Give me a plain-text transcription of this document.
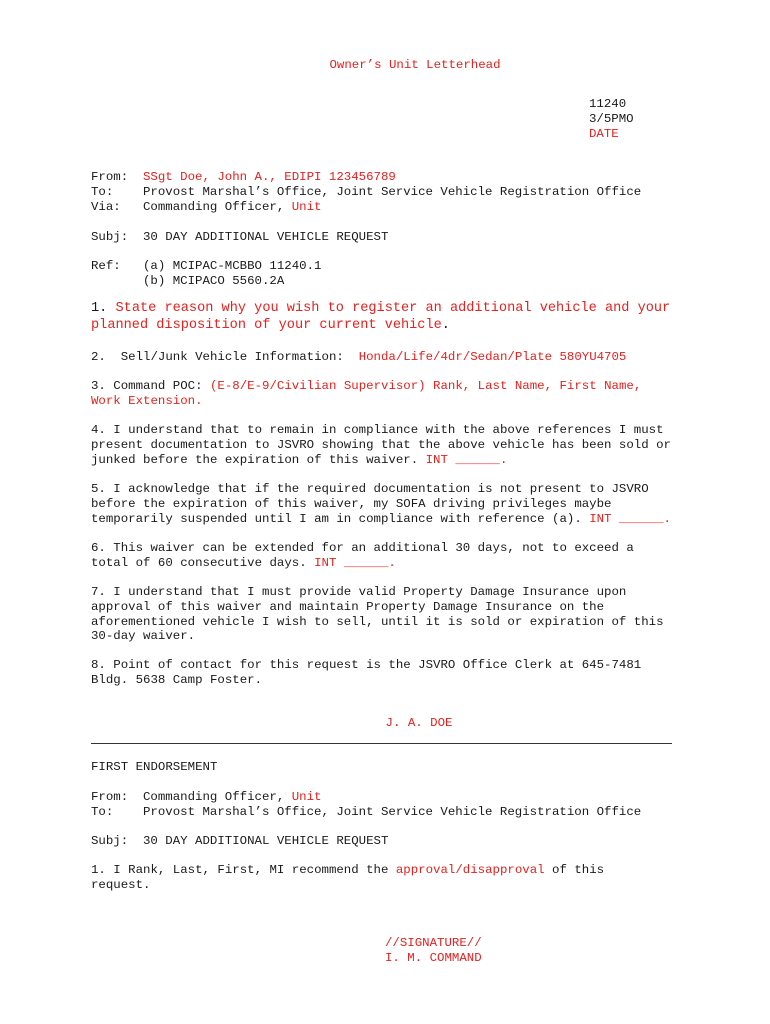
Owner’s Unit Letterhead
11240
3/5PMO
DATE
From: SSgt Doe, John A., EDIPI 123456789
To: Provost Marshal’s Office, Joint Service Vehicle Registration Office
Via: Commanding Officer, Unit
Subj: 30 DAY ADDITIONAL VEHICLE REQUEST
Ref: (a) MCIPAC-MCBBO 11240.1
(b) MCIPACO 5560.2A
1. State reason why you wish to register an additional vehicle and your planned disposition of your current vehicle.
2.  Sell/Junk Vehicle Information: Honda/Life/4dr/Sedan/Plate 580YU4705
3. Command POC: (E-8/E-9/Civilian Supervisor) Rank, Last Name, First Name, Work Extension.
4. I understand that to remain in compliance with the above references I must present documentation to JSVRO showing that the above vehicle has been sold or junked before the expiration of this waiver. INT ______.
5. I acknowledge that if the required documentation is not present to JSVRO before the expiration of this waiver, my SOFA driving privileges maybe temporarily suspended until I am in compliance with reference (a). INT ______.
6. This waiver can be extended for an additional 30 days, not to exceed a total of 60 consecutive days. INT ______.
7. I understand that I must provide valid Property Damage Insurance upon approval of this waiver and maintain Property Damage Insurance on the aforementioned vehicle I wish to sell, until it is sold or expiration of this 30-day waiver.
8. Point of contact for this request is the JSVRO Office Clerk at 645-7481 Bldg. 5638 Camp Foster.
J. A. DOE
FIRST ENDORSEMENT
From: Commanding Officer, Unit
To: Provost Marshal’s Office, Joint Service Vehicle Registration Office
Subj: 30 DAY ADDITIONAL VEHICLE REQUEST
1. I Rank, Last, First, MI recommend the approval/disapproval of this request.
//SIGNATURE//
I. M. COMMAND
